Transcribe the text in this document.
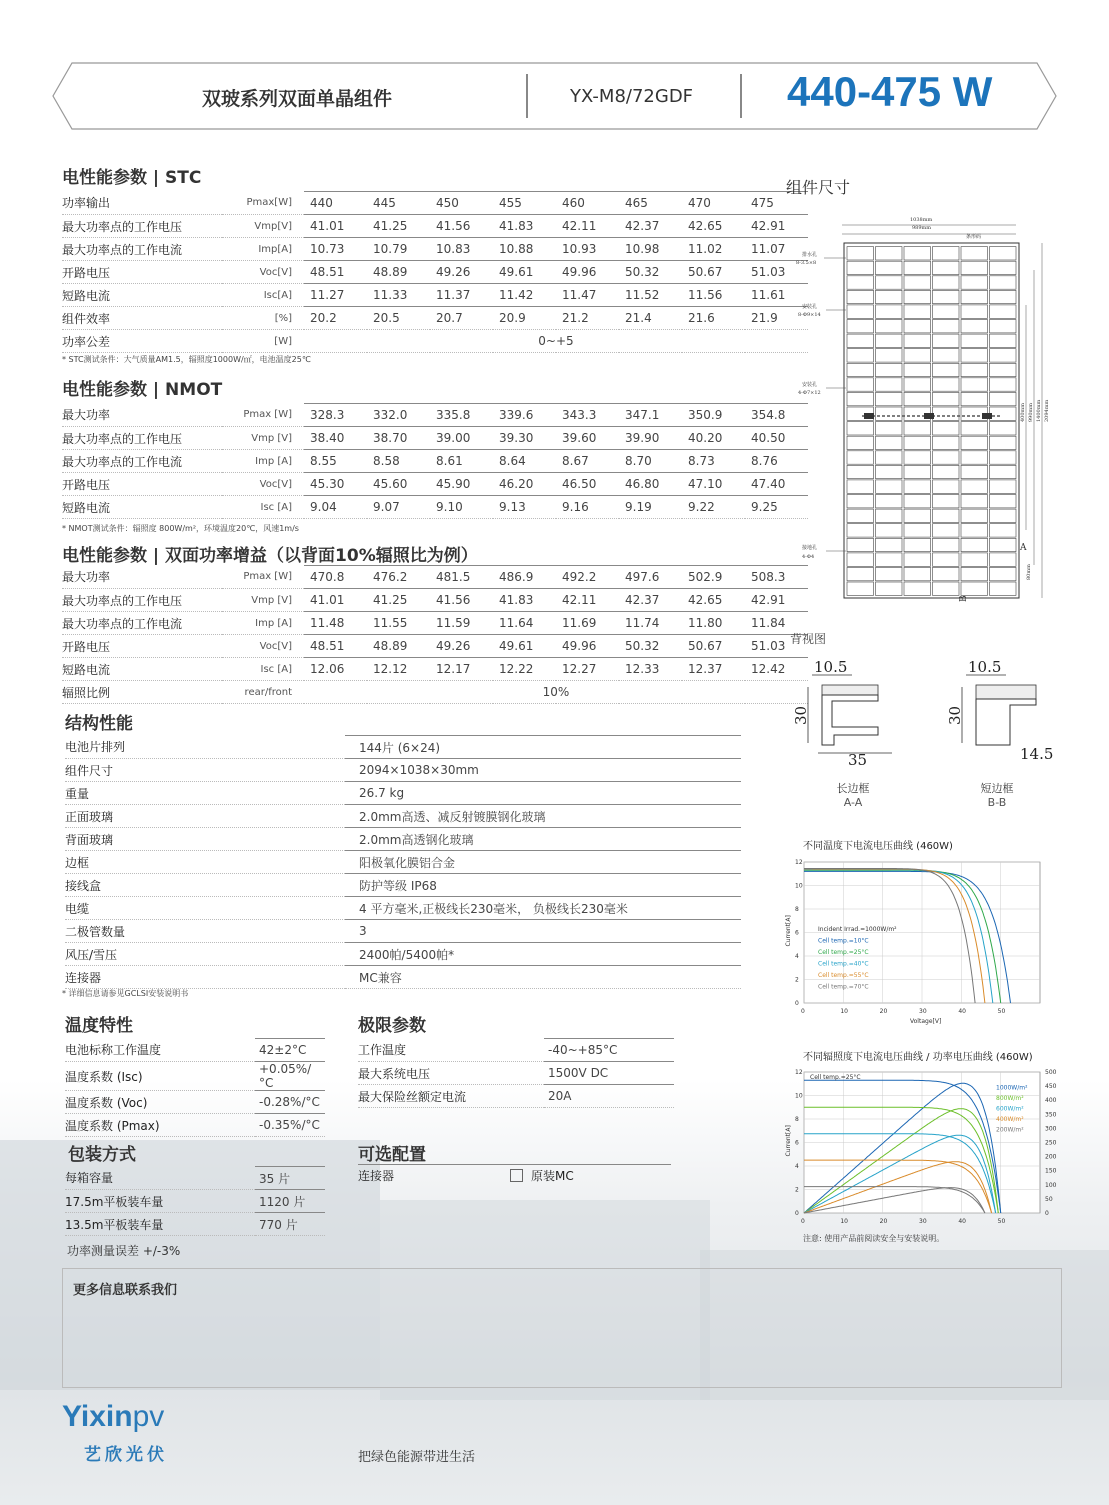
双玻系列双面单晶组件	YX-M8/72GDF 440-475 W
电性能参数 | STC
功率输出	Pmax[W]	440	445	450	455	460	465	470	475
最大功率点的工作电压	Vmp[V]	41.01	41.25	41.56	41.83	42.11	42.37	42.65	42.91
最大功率点的工作电流	Imp[A]	10.73	10.79	10.83	10.88	10.93	10.98	11.02	11.07
开路电压	Voc[V]	48.51	48.89	49.26	49.61	49.96	50.32	50.67	51.03
短路电流	Isc[A]	11.27	11.33	11.37	11.42	11.47	11.52	11.56	11.61
组件效率	[%]	20.2	20.5	20.7	20.9	21.2	21.4	21.6	21.9
功率公差	[W]	0~+5							
* STC测试条件：大气质量AM1.5，辐照度1000W/㎡，电池温度25℃
电性能参数 | NMOT
最大功率	Pmax [W]	328.3	332.0	335.8	339.6	343.3	347.1	350.9	354.8
最大功率点的工作电压	Vmp [V]	38.40	38.70	39.00	39.30	39.60	39.90	40.20	40.50
最大功率点的工作电流	Imp [A]	8.55	8.58	8.61	8.64	8.67	8.70	8.73	8.76
开路电压	Voc[V]	45.30	45.60	45.90	46.20	46.50	46.80	47.10	47.40
短路电流	Isc [A]	9.04	9.07	9.10	9.13	9.16	9.19	9.22	9.25
* NMOT测试条件：辐照度 800W/m²，环境温度20℃，风速1m/s
电性能参数 | 双面功率增益（以背面10%辐照比为例）
最大功率	Pmax [W]	470.8	476.2	481.5	486.9	492.2	497.6	502.9	508.3
最大功率点的工作电压	Vmp [V]	41.01	41.25	41.56	41.83	42.11	42.37	42.65	42.91
最大功率点的工作电流	Imp [A]	11.48	11.55	11.59	11.64	11.69	11.74	11.80	11.84
开路电压	Voc[V]	48.51	48.89	49.26	49.61	49.96	50.32	50.67	51.03
短路电流	Isc [A]	12.06	12.12	12.17	12.22	12.27	12.33	12.37	12.42
辐照比例	rear/front	10%							
结构性能
电池片排列	144片 (6×24)
组件尺寸	2094×1038×30mm
重量	26.7 kg
正面玻璃	2.0mm高透、减反射镀膜钢化玻璃
背面玻璃	2.0mm高透钢化玻璃
边框	阳极氧化膜铝合金
接线盒	防护等级 IP68
电缆	4 平方毫米,正极线长230毫米， 负极线长230毫米
二极管数量	3
风压/雪压	2400帕/5400帕*
连接器	MC兼容
* 详细信息请参见GCLSI安装说明书
温度特性
电池标称工作温度	42±2°C
温度系数 (Isc)	+0.05%/°C
温度系数 (Voc)	-0.28%/°C
温度系数 (Pmax)	-0.35%/°C
极限参数
工作温度	-40~+85°C
最大系统电压	1500V DC
最大保险丝额定电流	20A
包装方式
每箱容量	35 片
17.5m平板装车量	1120 片
13.5m平板装车量	770 片
功率测量误差 +/-3%
可选配置
连接器	原装MC
组件尺寸
1038mm
989mm
条形码
排水孔
8-3.5×8
安装孔
8-Φ9×14
安装孔
4-Φ7×12
接地孔
4-Φ4
400mm 990mm 1400mm 2094mm
A
B
80mm
背视图
10.5
30
35
10.5
30
14.5
长边框
A-A
短边框
B-B
不同温度下电流电压曲线 (460W)
0	10	20	30	40	50
0
2
4
6
8
10
12
Current[A]
Voltage[V]
Incident Irrad.=1000W/m²
Cell temp.=10°C
Cell temp.=25°C
Cell temp.=40°C
Cell temp.=55°C
Cell temp.=70°C
不同辐照度下电流电压曲线 / 功率电压曲线 (460W)
0	10	20	30	40	50
0
2
4
6
8
10
12
Current[A]
0
50
100
150
200
250
300
350
400
450
500
Cell temp.=25°C
1000W/m²
800W/m²
600W/m²
400W/m²
200W/m²
注意: 使用产品前阅读安全与安装说明。
更多信息联系我们
Yixinpv
艺欣光伏	把绿色能源带进生活
